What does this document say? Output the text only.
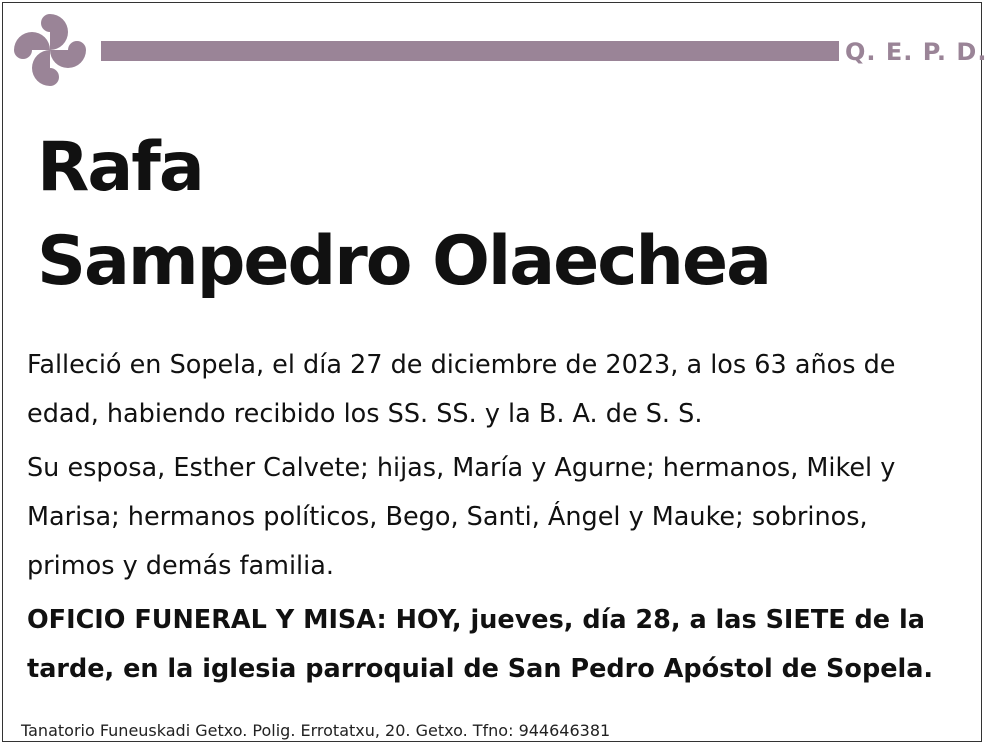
Q. E. P. D.
Rafa
Sampedro Olaechea

Falleció en Sopela, el día 27 de diciembre de 2023, a los 63 años de edad, habiendo recibido los SS. SS. y la B. A. de S. S.

Su esposa, Esther Calvete; hijas, María y Agurne; hermanos, Mikel y Marisa; hermanos políticos, Bego, Santi, Ángel y Mauke; sobrinos, primos y demás familia.

OFICIO FUNERAL Y MISA: HOY, jueves, día 28, a las SIETE de la tarde, en la iglesia parroquial de San Pedro Apóstol de Sopela.

Tanatorio Funeuskadi Getxo. Polig. Errotatxu, 20. Getxo. Tfno: 944646381
